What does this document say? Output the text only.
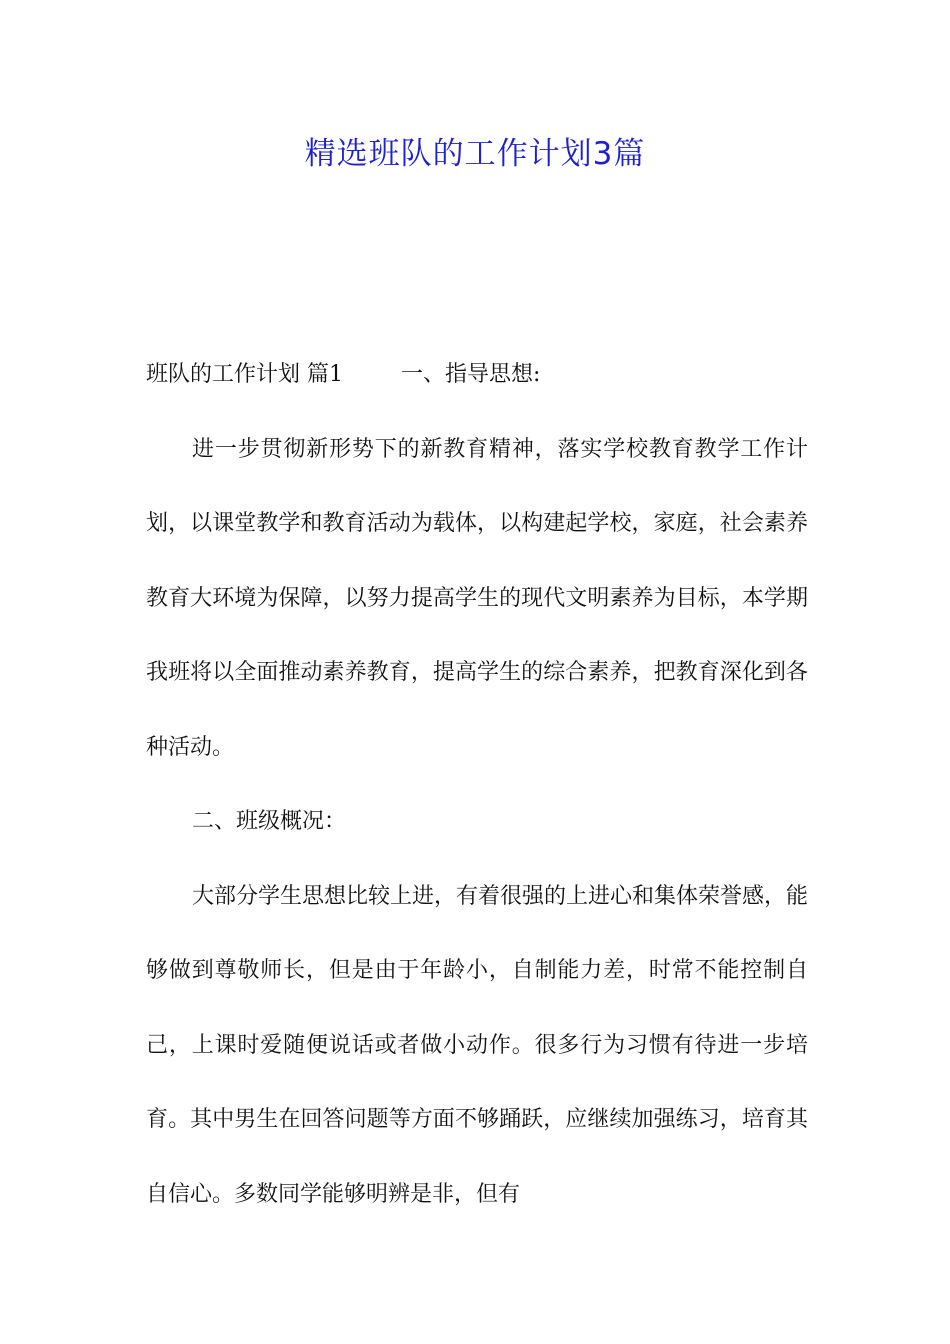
精选班队的工作计划3篇

班队的工作计划 篇1	一、指导思想:

进一步贯彻新形势下的新教育精神，落实学校教育教学工作计划，以课堂教学和教育活动为载体，以构建起学校，家庭，社会素养教育大环境为保障，以努力提高学生的现代文明素养为目标，本学期我班将以全面推动素养教育，提高学生的综合素养，把教育深化到各种活动。

二、班级概况：

大部分学生思想比较上进，有着很强的上进心和集体荣誉感，能够做到尊敬师长，但是由于年龄小，自制能力差，时常不能控制自己，上课时爱随便说话或者做小动作。很多行为习惯有待进一步培育。其中男生在回答问题等方面不够踊跃，应继续加强练习，培育其自信心。多数同学能够明辨是非，但有
